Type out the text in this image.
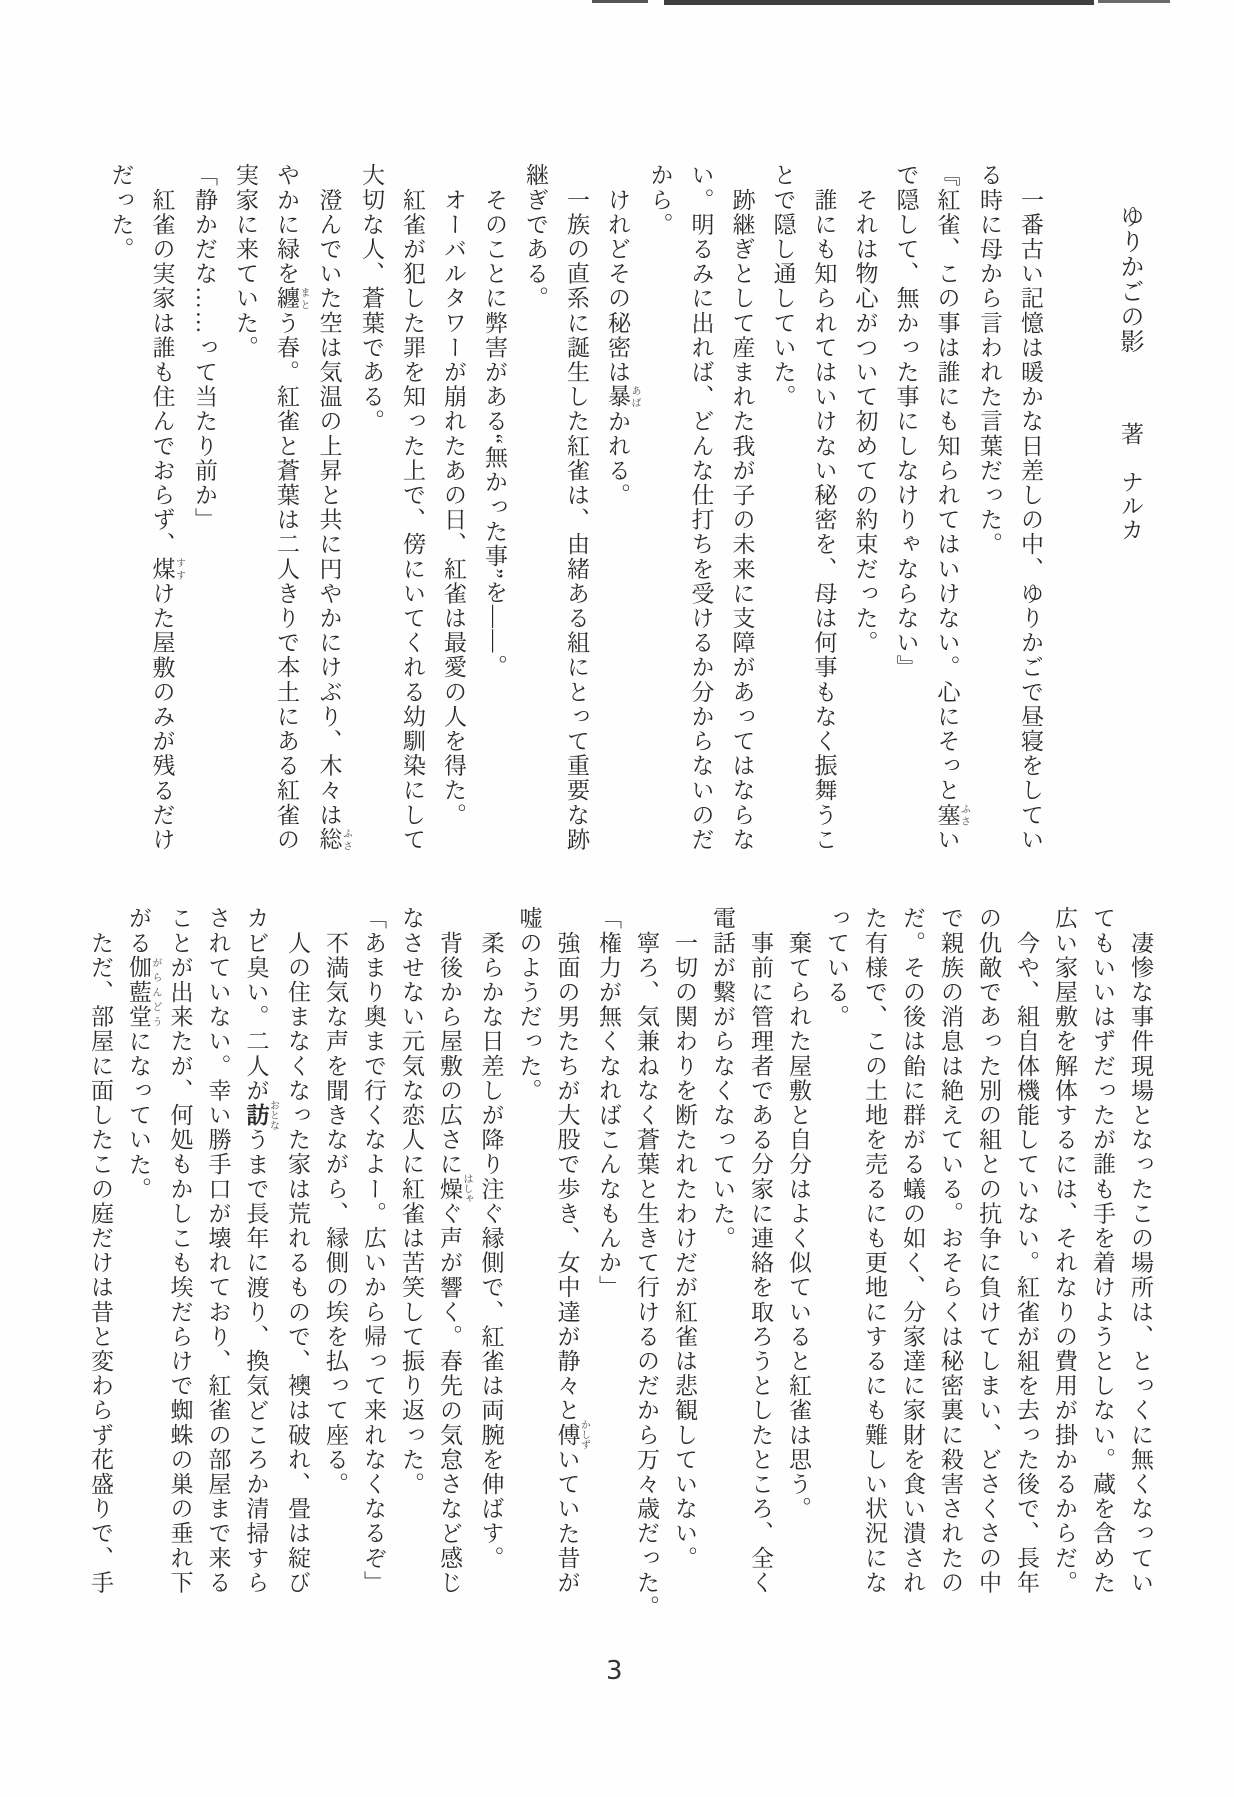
ゆりかごの影
著　ナルカ
　一番古い記憶は暖かな日差しの中、ゆりかごで昼寝をしてい
る時に母から言われた言葉だった。
『紅雀、この事は誰にも知られてはいけない。心にそっと塞 ふさい
で隠して、無かった事にしなけりゃならない』
　それは物心がついて初めての約束だった。
　誰にも知られてはいけない秘密を、母は何事もなく振舞うこ
とで隠し通していた。
　跡継ぎとして産まれた我が子の未来に支障があってはならな
い。明るみに出れば、どんな仕打ちを受けるか分からないのだ
から。
　けれどその秘密は暴 あばかれる。
　一族の直系に誕生した紅雀は、由緒ある組にとって重要な跡
継ぎである。
　そのことに弊害がある“無かった事”を――。
　オーバルタワーが崩れたあの日、紅雀は最愛の人を得た。
　紅雀が犯した罪を知った上で、傍にいてくれる幼馴染にして
大切な人、蒼葉である。
　澄んでいた空は気温の上昇と共に円やかにけぶり、木々は総 ふさ
やかに緑を纏 まとう春。紅雀と蒼葉は二人きりで本土にある紅雀の
実家に来ていた。
「静かだな……って当たり前か」
　紅雀の実家は誰も住んでおらず、煤 すすけた屋敷のみが残るだけ
だった。
　凄惨な事件現場となったこの場所は、とっくに無くなってい
てもいいはずだったが誰も手を着けようとしない。蔵を含めた
広い家屋敷を解体するには、それなりの費用が掛かるからだ。
　今や、組自体機能していない。紅雀が組を去った後で、長年
の仇敵であった別の組との抗争に負けてしまい、どさくさの中
で親族の消息は絶えている。おそらくは秘密裏に殺害されたの
だ。その後は飴に群がる蟻の如く、分家達に家財を食い潰され
た有様で、この土地を売るにも更地にするにも難しい状況にな
っている。
　棄てられた屋敷と自分はよく似ていると紅雀は思う。
　事前に管理者である分家に連絡を取ろうとしたところ、全く
電話が繋がらなくなっていた。
　一切の関わりを断たれたわけだが紅雀は悲観していない。
　寧ろ、気兼ねなく蒼葉と生きて行けるのだから万々歳だった。
「権力が無くなればこんなもんか」
　強面の男たちが大股で歩き、女中達が静々と傅 かしずいていた昔が
嘘のようだった。
　柔らかな日差しが降り注ぐ縁側で、紅雀は両腕を伸ばす。
　背後から屋敷の広さに燥 はしゃぐ声が響く。春先の気怠さなど感じ
なさせない元気な恋人に紅雀は苦笑して振り返った。
「あまり奥まで行くなよー。広いから帰って来れなくなるぞ」
　不満気な声を聞きながら、縁側の埃を払って座る。
　人の住まなくなった家は荒れるもので、襖は破れ、畳は綻び
カビ臭い。二人が訪 おとなうまで長年に渡り、換気どころか清掃すら
されていない。幸い勝手口が壊れており、紅雀の部屋まで来る
ことが出来たが、何処もかしこも埃だらけで蜘蛛の巣の垂れ下
がる伽藍堂 がらんどうになっていた。
　ただ、部屋に面したこの庭だけは昔と変わらず花盛りで、手
3
